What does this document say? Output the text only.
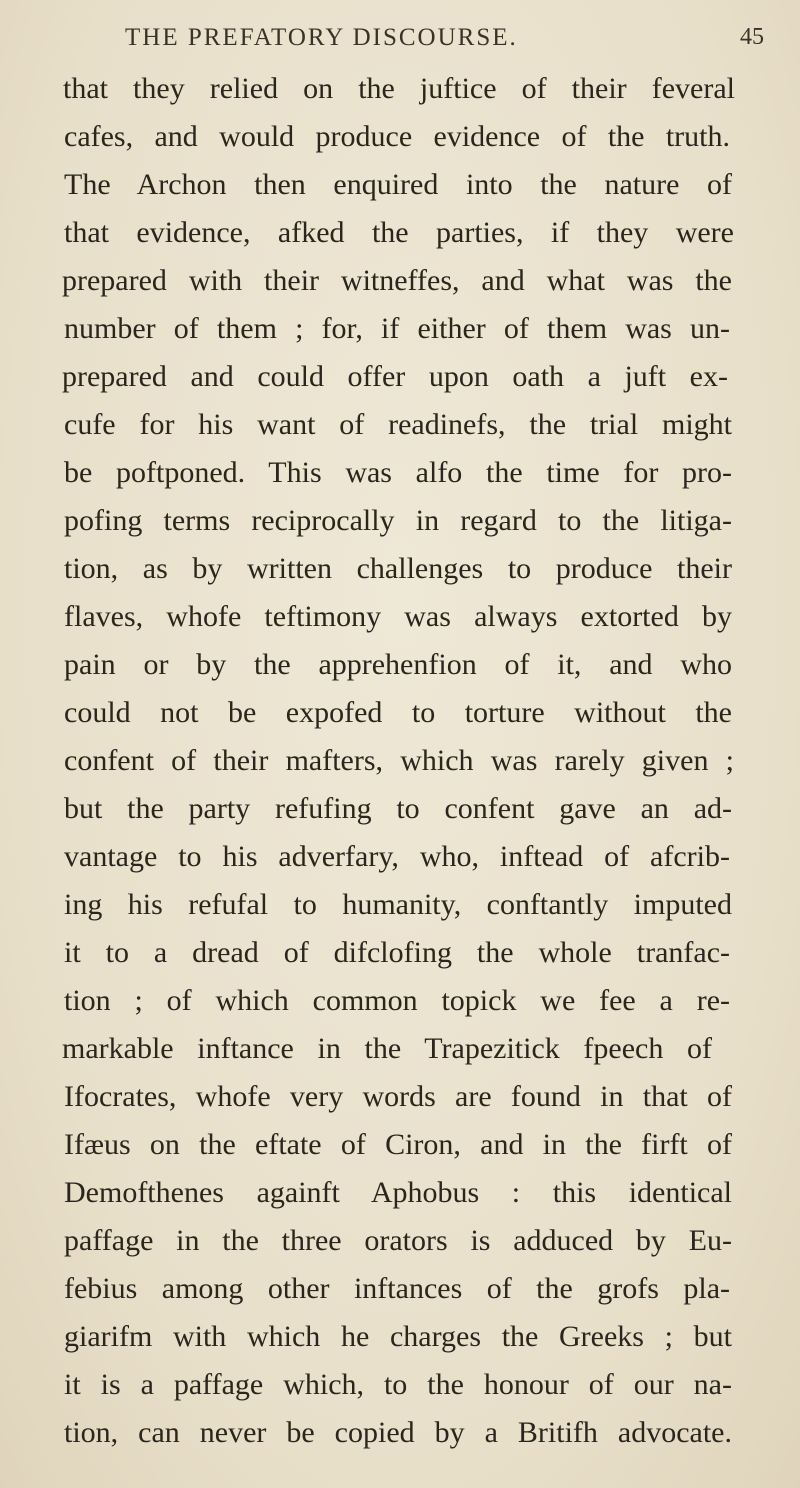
THE PREFATORY DISCOURSE.	45
that they relied on the juftice of their feveral
cafes, and would produce evidence of the truth.
The Archon then enquired into the nature of
that evidence, afked the parties, if they were
prepared with their witneffes, and what was the
number of them ; for, if either of them was un-
prepared and could offer upon oath a juft ex-
cufe for his want of readinefs, the trial might
be poftponed. This was alfo the time for pro-
pofing terms reciprocally in regard to the litiga-
tion, as by written challenges to produce their
flaves, whofe teftimony was always extorted by
pain or by the apprehenfion of it, and who
could not be expofed to torture without the
confent of their mafters, which was rarely given ;
but the party refufing to confent gave an ad-
vantage to his adverfary, who, inftead of afcrib-
ing his refufal to humanity, conftantly imputed
it to a dread of difclofing the whole tranfac-
tion ; of which common topick we fee a re-
markable inftance in the Trapezitick fpeech of
Ifocrates, whofe very words are found in that of
Ifæus on the eftate of Ciron, and in the firft of
Demofthenes againft Aphobus : this identical
paffage in the three orators is adduced by Eu-
febius among other inftances of the grofs pla-
giarifm with which he charges the Greeks ; but
it is a paffage which, to the honour of our na-
tion, can never be copied by a Britifh advocate.
